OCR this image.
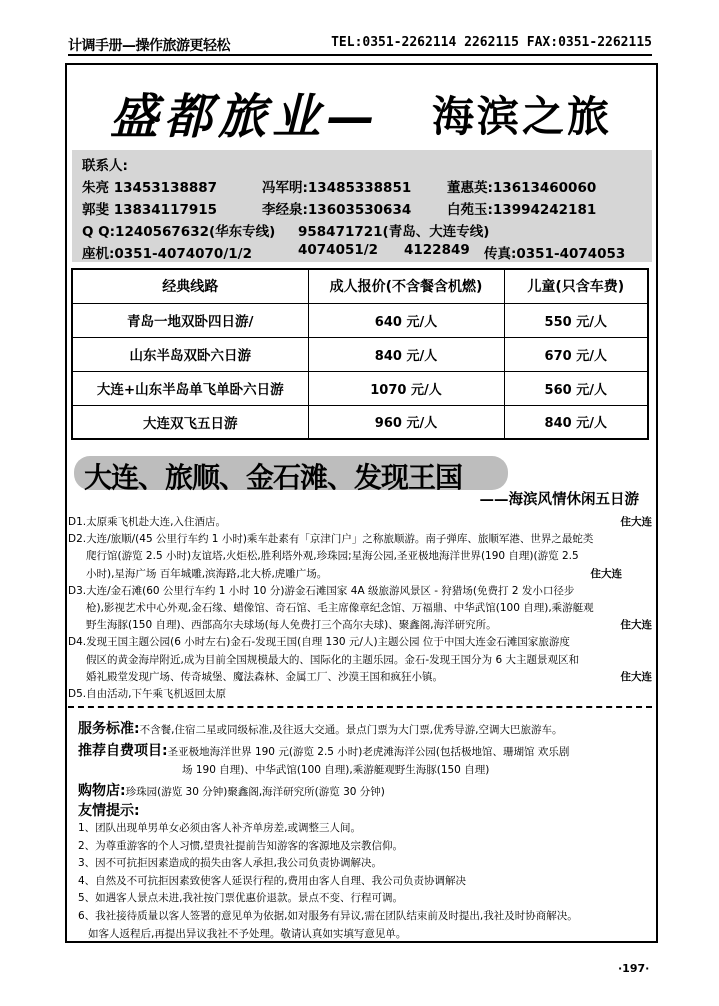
计调手册—操作旅游更轻松	TEL:0351-2262114 2262115 FAX:0351-2262115
盛都旅业— 海滨之旅
联系人:
朱亮 13453138887	冯军明:13485338851	董惠英:13613460060
郭斐 13834117915	李经泉:13603530634	白苑玉:13994242181
Q Q:1240567632(华东专线) 958471721(青岛、大连专线)
座机:0351-4074070/1/2	4074051/2 4122849 传真:0351-4074053
经典线路	成人报价(不含餐含机燃)	儿童(只含车费)
青岛一地双卧四日游/	640 元/人	550 元/人
山东半岛双卧六日游	840 元/人	670 元/人
大连+山东半岛单飞单卧六日游	1070 元/人	560 元/人
大连双飞五日游	960 元/人	840 元/人
大连、旅顺、金石滩、发现王国
——海滨风情休闲五日游
D1.太原乘飞机赴大连,入住酒店。	住大连
D2.大连/旅顺/(45 公里行车约 1 小时)乘车赴素有「京津门户」之称旅顺游。南子弹库、旅顺军港、世界之最蛇类
爬行馆(游览 2.5 小时)友谊塔,火炬松,胜利塔外观,珍珠园;星海公园,圣亚极地海洋世界(190 自理)(游览 2.5
小时),星海广场 百年城雕,滨海路,北大桥,虎雕广场。	住大连
D3.大连/金石滩(60 公里行车约 1 小时 10 分)游金石滩国家 4A 级旅游风景区 - 狩猎场(免费打 2 发小口径步
枪),影视艺术中心外观,金石缘、蜡像馆、奇石馆、毛主席像章纪念馆、万福鼎、中华武馆(100 自理),乘游艇观
野生海豚(150 自理)、西部高尔夫球场(每人免费打三个高尔夫球)、聚鑫阁,海洋研究所。	住大连
D4.发现王国主题公园(6 小时左右)金石-发现王国(自理 130 元/人)主题公园 位于中国大连金石滩国家旅游度
假区的黄金海岸附近,成为目前全国规模最大的、国际化的主题乐园。金石-发现王国分为 6 大主题景观区和
婚礼殿堂发现广场、传奇城堡、魔法森林、金属工厂、沙漠王国和疯狂小镇。	住大连
D5.自由活动,下午乘飞机返回太原
服务标准:不含餐,住宿二星或同级标准,及往返大交通。景点门票为大门票,优秀导游,空调大巴旅游车。
推荐自费项目:圣亚极地海洋世界 190 元(游览 2.5 小时)老虎滩海洋公园(包括极地馆、珊瑚馆 欢乐剧
场 190 自理)、中华武馆(100 自理),乘游艇观野生海豚(150 自理)
购物店:珍珠园(游览 30 分钟)聚鑫阁,海洋研究所(游览 30 分钟)
友情提示:
1、团队出现单男单女必须由客人补齐单房差,或调整三人间。
2、为尊重游客的个人习惯,望贵社提前告知游客的客源地及宗教信仰。
3、因不可抗拒因素造成的损失由客人承担,我公司负责协调解决。
4、自然及不可抗拒因素致使客人延误行程的,费用由客人自理、我公司负责协调解决
5、如遇客人景点未进,我社按门票优惠价退款。景点不变、行程可调。
6、我社接待质量以客人签署的意见单为依据,如对服务有异议,需在团队结束前及时提出,我社及时协商解决。
如客人返程后,再提出异议我社不予处理。敬请认真如实填写意见单。
·197·
